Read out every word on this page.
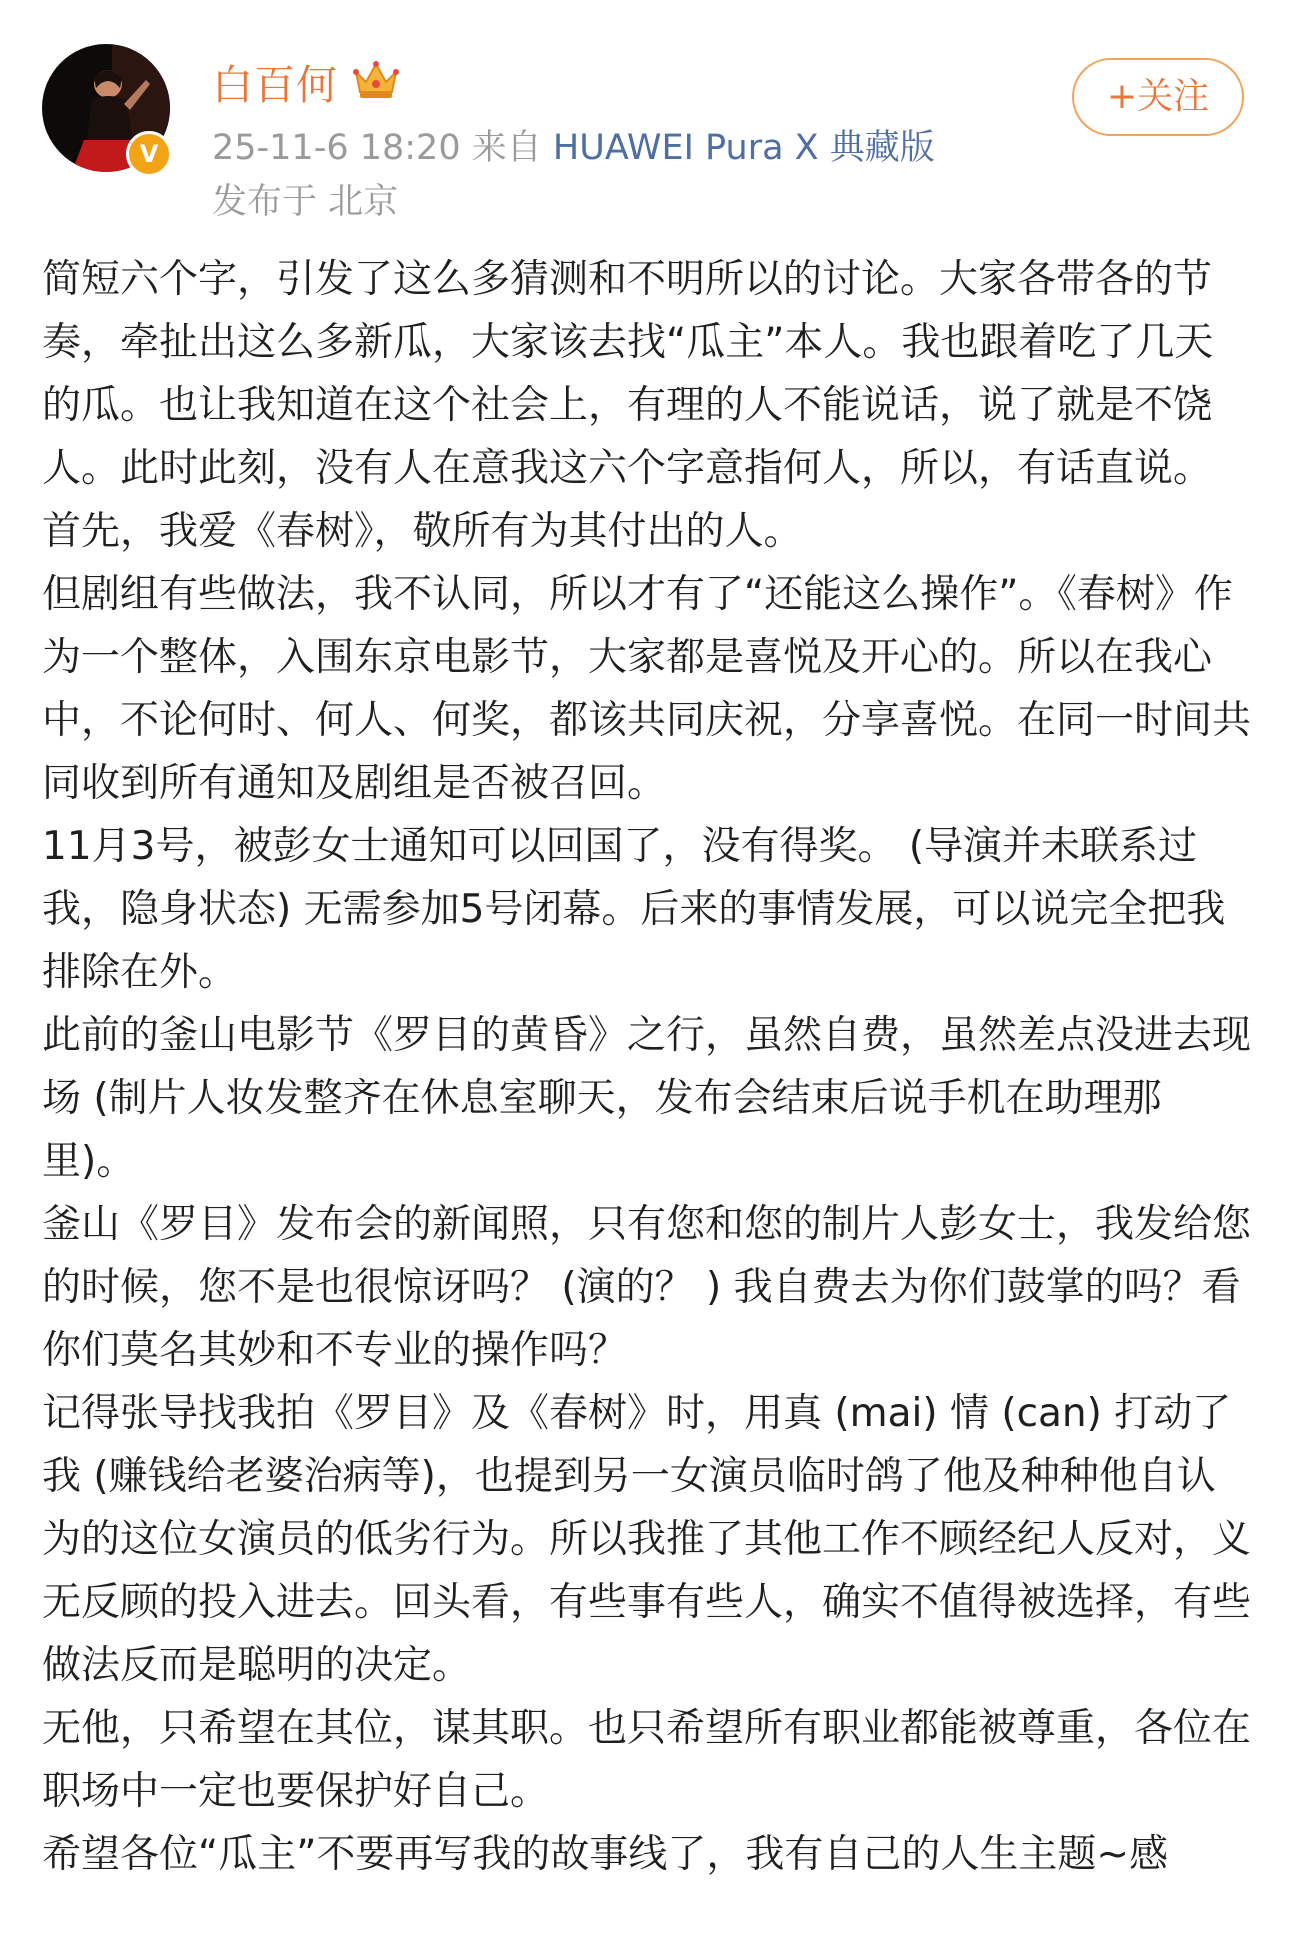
V
白百何
25-11-6 18:20 来自 HUAWEI Pura X 典藏版
发布于 北京
+关注

简短六个字，引发了这么多猜测和不明所以的讨论。大家各带各的节奏，牵扯出这么多新瓜，大家该去找“瓜主”本人。我也跟着吃了几天的瓜。也让我知道在这个社会上，有理的人不能说话，说了就是不饶人。此时此刻，没有人在意我这六个字意指何人，所以，有话直说。

首先，我爱《春树》，敬所有为其付出的人。

但剧组有些做法，我不认同，所以才有了“还能这么操作”。《春树》作为一个整体，入围东京电影节，大家都是喜悦及开心的。所以在我心中，不论何时、何人、何奖，都该共同庆祝，分享喜悦。在同一时间共同收到所有通知及剧组是否被召回。

11月3号，被彭女士通知可以回国了，没有得奖。 (导演并未联系过我，隐身状态) 无需参加5号闭幕。后来的事情发展，可以说完全把我排除在外。

此前的釜山电影节《罗目的黄昏》之行，虽然自费，虽然差点没进去现场 (制片人妆发整齐在休息室聊天，发布会结束后说手机在助理那里)。

釜山《罗目》发布会的新闻照，只有您和您的制片人彭女士，我发给您的时候，您不是也很惊讶吗？ (演的？ ) 我自费去为你们鼓掌的吗？看你们莫名其妙和不专业的操作吗？

记得张导找我拍《罗目》及《春树》时，用真 (mai) 情 (can) 打动了我 (赚钱给老婆治病等)，也提到另一女演员临时鸽了他及种种他自认为的这位女演员的低劣行为。所以我推了其他工作不顾经纪人反对，义无反顾的投入进去。回头看，有些事有些人，确实不值得被选择，有些做法反而是聪明的决定。

无他，只希望在其位，谋其职。也只希望所有职业都能被尊重，各位在职场中一定也要保护好自己。

希望各位“瓜主”不要再写我的故事线了，我有自己的人生主题~感
